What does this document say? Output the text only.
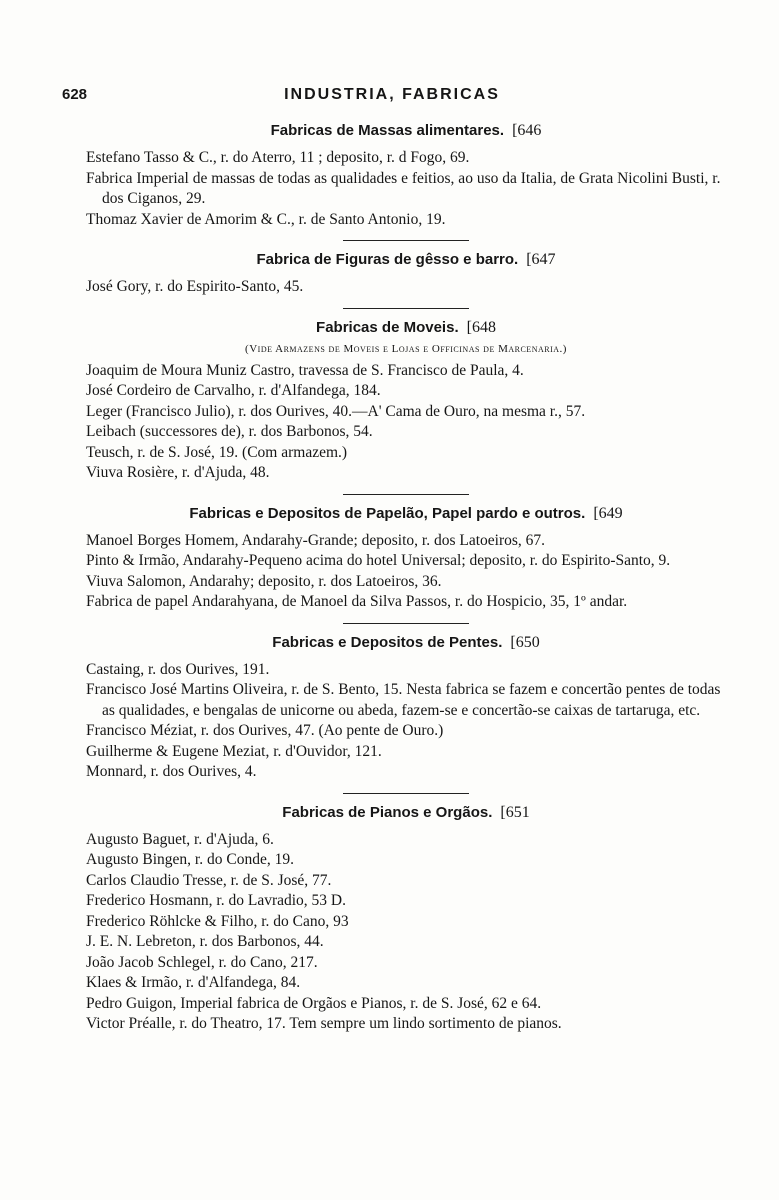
628	INDUSTRIA, FABRICAS
Fabricas de Massas alimentares. [646
Estefano Tasso & C., r. do Aterro, 11 ; deposito, r. d Fogo, 69.
Fabrica Imperial de massas de todas as qualidades e feitios, ao uso da Italia, de Grata Nicolini Busti, r. dos Ciganos, 29.
Thomaz Xavier de Amorim & C., r. de Santo Antonio, 19.
Fabrica de Figuras de gêsso e barro. [647
José Gory, r. do Espirito-Santo, 45.
Fabricas de Moveis. [648
(Vide Armazens de Moveis e Lojas e Officinas de Marcenaria.)
Joaquim de Moura Muniz Castro, travessa de S. Francisco de Paula, 4.
José Cordeiro de Carvalho, r. d'Alfandega, 184.
Leger (Francisco Julio), r. dos Ourives, 40.—A' Cama de Ouro, na mesma r., 57.
Leibach (successores de), r. dos Barbonos, 54.
Teusch, r. de S. José, 19. (Com armazem.)
Viuva Rosière, r. d'Ajuda, 48.
Fabricas e Depositos de Papelão, Papel pardo e outros. [649
Manoel Borges Homem, Andarahy-Grande; deposito, r. dos Latoeiros, 67.
Pinto & Irmão, Andarahy-Pequeno acima do hotel Universal; deposito, r. do Espirito-Santo, 9.
Viuva Salomon, Andarahy; deposito, r. dos Latoeiros, 36.
Fabrica de papel Andarahyana, de Manoel da Silva Passos, r. do Hospicio, 35, 1º andar.
Fabricas e Depositos de Pentes. [650
Castaing, r. dos Ourives, 191.
Francisco José Martins Oliveira, r. de S. Bento, 15. Nesta fabrica se fazem e concertão pentes de todas as qualidades, e bengalas de unicorne ou abeda, fazem-se e concertão-se caixas de tartaruga, etc.
Francisco Méziat, r. dos Ourives, 47. (Ao pente de Ouro.)
Guilherme & Eugene Meziat, r. d'Ouvidor, 121.
Monnard, r. dos Ourives, 4.
Fabricas de Pianos e Orgãos. [651
Augusto Baguet, r. d'Ajuda, 6.
Augusto Bingen, r. do Conde, 19.
Carlos Claudio Tresse, r. de S. José, 77.
Frederico Hosmann, r. do Lavradio, 53 D.
Frederico Röhlcke & Filho, r. do Cano, 93
J. E. N. Lebreton, r. dos Barbonos, 44.
João Jacob Schlegel, r. do Cano, 217.
Klaes & Irmão, r. d'Alfandega, 84.
Pedro Guigon, Imperial fabrica de Orgãos e Pianos, r. de S. José, 62 e 64.
Victor Préalle, r. do Theatro, 17. Tem sempre um lindo sortimento de pianos.
